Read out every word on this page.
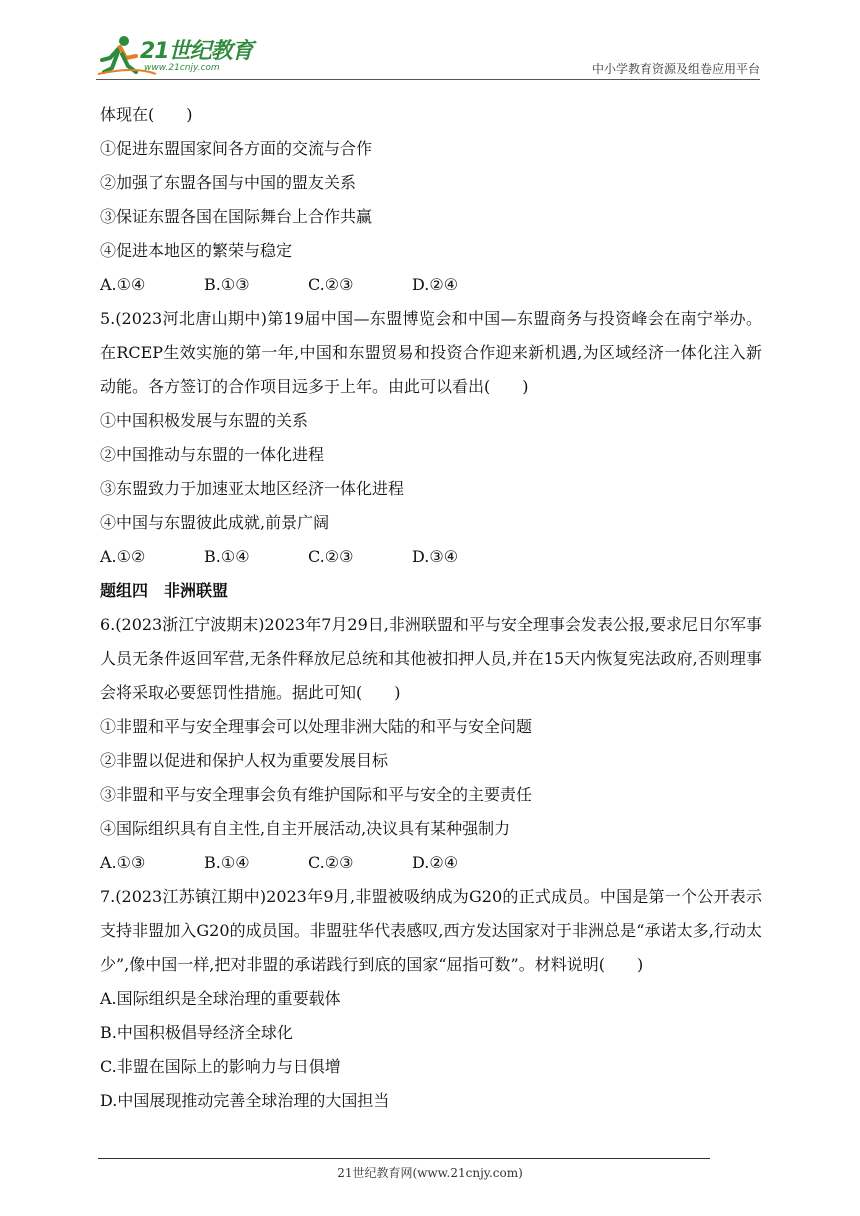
21世纪教育
www.21cnjy.com	中小学教育资源及组卷应用平台
体现在(　　)
①促进东盟国家间各方面的交流与合作
②加强了东盟各国与中国的盟友关系
③保证东盟各国在国际舞台上合作共赢
④促进本地区的繁荣与稳定
A.①④	B.①③	C.②③	D.②④
5.(2023河北唐山期中)第19届中国—东盟博览会和中国—东盟商务与投资峰会在南宁举办。在RCEP生效实施的第一年,中国和东盟贸易和投资合作迎来新机遇,为区域经济一体化注入新动能。各方签订的合作项目远多于上年。由此可以看出(　　)
①中国积极发展与东盟的关系
②中国推动与东盟的一体化进程
③东盟致力于加速亚太地区经济一体化进程
④中国与东盟彼此成就,前景广阔
A.①②	B.①④	C.②③	D.③④
题组四　非洲联盟
6.(2023浙江宁波期末)2023年7月29日,非洲联盟和平与安全理事会发表公报,要求尼日尔军事人员无条件返回军营,无条件释放尼总统和其他被扣押人员,并在15天内恢复宪法政府,否则理事会将采取必要惩罚性措施。据此可知(　　)
①非盟和平与安全理事会可以处理非洲大陆的和平与安全问题
②非盟以促进和保护人权为重要发展目标
③非盟和平与安全理事会负有维护国际和平与安全的主要责任
④国际组织具有自主性,自主开展活动,决议具有某种强制力
A.①③	B.①④	C.②③	D.②④
7.(2023江苏镇江期中)2023年9月,非盟被吸纳成为G20的正式成员。中国是第一个公开表示支持非盟加入G20的成员国。非盟驻华代表感叹,西方发达国家对于非洲总是“承诺太多,行动太少”,像中国一样,把对非盟的承诺践行到底的国家“屈指可数”。材料说明(　　)
A.国际组织是全球治理的重要载体
B.中国积极倡导经济全球化
C.非盟在国际上的影响力与日俱增
D.中国展现推动完善全球治理的大国担当
21世纪教育网(www.21cnjy.com)
